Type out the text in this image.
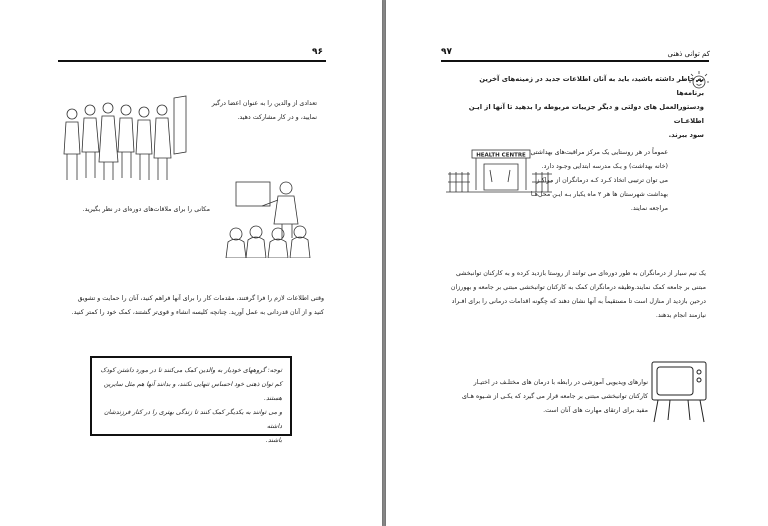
۹۶

تعدادی از والدین را به عنوان اعضا درگیر

نمایید، و در کار مشارکت دهید.

مکانی را برای ملاقات‌های دوره‌ای در نظر بگیرید.

وقتی اطلاعات لازم را فرا گرفتند، مقدمات کار را برای آنها فراهم کنید، آنان را حمایت و تشویق

کنید و از آنان قدردانی به عمل آورید. چنانچه کلیسه انشاء و قوی‌تر گشتند، کمک خود را کمتر کنید.

توجه: گروههای خودیار به والدین کمک می‌کنند تا در مورد داشتن کودک

کم توان ذهنی خود احساس تنهایی نکنند، و بدانند آنها هم مثل سایرین هستند.

و می توانند به یکدیگر کمک کنند تا زندگی بهتری را در کنار فرزندشان داشته

باشند.

کم توانی ذهنی
۹۷

به خاطر داشته باشید، باید به آنان اطلاعات جدید در زمینه‌های آخرین برنامه‌ها

ودستورالعمل های دولتی و دیگر جزییات مربوطه را بدهید تا آنها از ایـن اطلاعـات

سود ببرند.

HEALTH CENTRE عموماً در هر روستایی یک مرکز مراقبت‌های بهداشتی

(خانه بهداشت) و یـک مدرسه ابتدایی وجـود دارد.

می توان ترتیبی اتخاذ کـرد کـه درمانگران از مراکـز

بهداشت شهرستان ها هر ۲ ماه یکبار بـه ایـن محل‌هـا

مراجعه نمایند.

یک تیم سیار از درمانگران به طور دوره‌ای می توانند از روستا بازدید کرده و به کارکنان توانبخشی

مبتنی بر جامعه کمک نمایند.وظیفه درمانگران کمک به کارکنان توانبخشی مبتنی بر جامعه و بهورزان

درحین بازدید از منازل است تا مستقیماً به آنها نشان دهند که چگونه اقدامات درمانی را برای افـراد

نیازمند انجام بدهند.

نوارهای ویدیویی آموزشی در رابطه با درمان های مختلـف در اختیـار

کارکنان توانبخشی مبتنی بر جامعه قرار می گیرد که یکـی از شـیوه هـای

مفید برای ارتقای مهارت های آنان است.
